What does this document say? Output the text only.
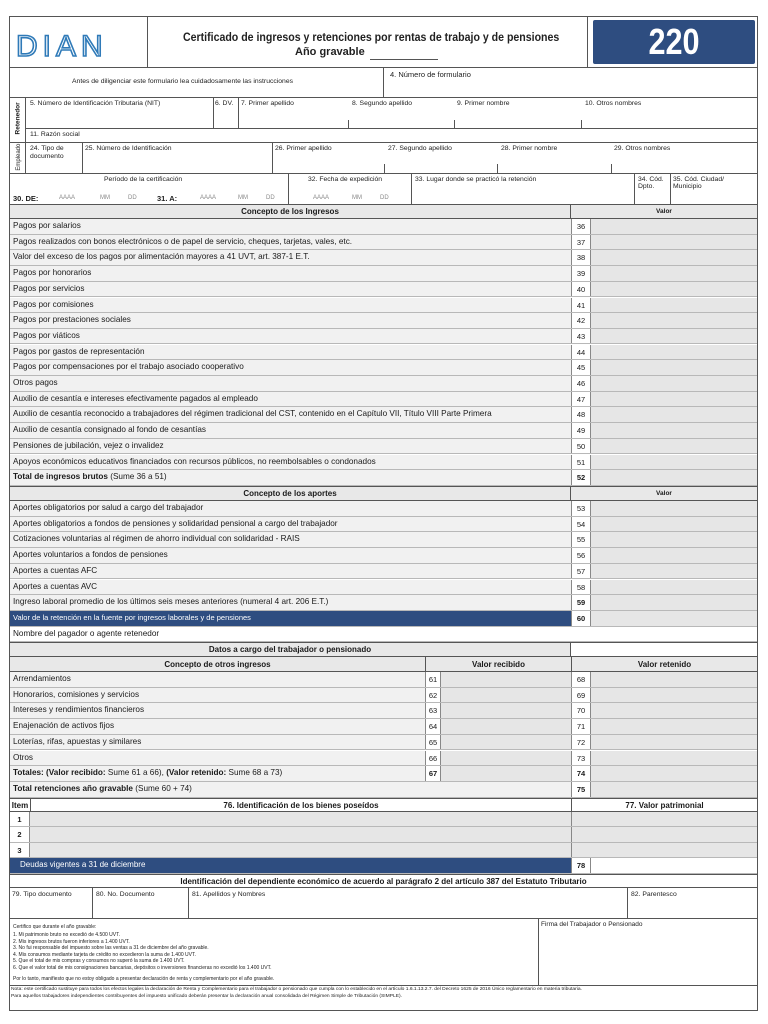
DIAN	Certificado de ingresos y retenciones por rentas de trabajo y de pensiones
Año gravable	220
Antes de diligenciar este formulario lea cuidadosamente las instrucciones
4. Número de formulario
Retenedor 5. Número de Identificación Tributaria (NIT)	6. DV. 7. Primer apellido	8. Segundo apellido	9. Primer nombre	10. Otros nombres
11. Razón social
Empleado 24. Tipo de
documento
25. Número de Identificación	26. Primer apellido	27. Segundo apellido	28. Primer nombre	29. Otros nombres
Período de la certificación
30. DE:	AAAA	MM	DD	31. A:	AAAA	MM	DD
32. Fecha de expedición
AAAA	MM	DD
33. Lugar donde se practicó la retención	34. Cód.
Dpto.
35. Cód. Ciudad/
Municipio
Concepto de los Ingresos	Valor
Pagos por salarios	36
Pagos realizados con bonos electrónicos o de papel de servicio, cheques, tarjetas, vales, etc.	37
Valor del exceso de los pagos por alimentación mayores a 41 UVT, art. 387-1 E.T.	38
Pagos por honorarios	39
Pagos por servicios	40
Pagos por comisiones	41
Pagos por prestaciones sociales	42
Pagos por viáticos	43
Pagos por gastos de representación	44
Pagos por compensaciones por el trabajo asociado cooperativo	45
Otros pagos	46
Auxilio de cesantía e intereses efectivamente pagados al empleado	47
Auxilio de cesantía reconocido a trabajadores del régimen tradicional del CST, contenido en el Capítulo VII, Título VIII Parte Primera	48
Auxilio de cesantía consignado al fondo de cesantías	49
Pensiones de jubilación, vejez o invalidez	50
Apoyos económicos educativos financiados con recursos públicos, no reembolsables o condonados	51
Total de ingresos brutos (Sume 36 a 51)	52
Concepto de los aportes	Valor
Aportes obligatorios por salud a cargo del trabajador	53
Aportes obligatorios a fondos de pensiones y solidaridad pensional a cargo del trabajador	54
Cotizaciones voluntarias al régimen de ahorro individual con solidaridad - RAIS	55
Aportes voluntarios a fondos de pensiones	56
Aportes a cuentas AFC	57
Aportes a cuentas AVC	58
Ingreso laboral promedio de los últimos seis meses anteriores (numeral 4 art. 206 E.T.)	59
Valor de la retención en la fuente por ingresos laborales y de pensiones	60
Nombre del pagador o agente retenedor
Datos a cargo del trabajador o pensionado
Concepto de otros ingresos	Valor recibido	Valor retenido
Arrendamientos	61	68
Honorarios, comisiones y servicios	62	69
Intereses y rendimientos financieros	63	70
Enajenación de activos fijos	64	71
Loterías, rifas, apuestas y similares	65	72
Otros	66	73
Totales: (Valor recibido: Sume 61 a 66), (Valor retenido: Sume 68 a 73)	67	74
Total retenciones año gravable (Sume 60 + 74)	75
Item	76. Identificación de los bienes poseídos	77. Valor patrimonial
1
2
3
Deudas vigentes a 31 de diciembre	78
Identificación del dependiente económico de acuerdo al parágrafo 2 del artículo 387 del Estatuto Tributario
79. Tipo documento	80. No. Documento	81. Apellidos y Nombres	82. Parentesco
Certifico que durante el año gravable:
1. Mi patrimonio bruto no excedió de 4.500 UVT.
2. Mis ingresos brutos fueron inferiores a 1.400 UVT.
3. No fui responsable del impuesto sobre las ventas a 31 de diciembre del año gravable.
4. Mis consumos mediante tarjeta de crédito no excedieron la suma de 1.400 UVT.
5. Que el total de mis compras y consumos no superó la suma de 1.400 UVT.
6. Que el valor total de mis consignaciones bancarias, depósitos o inversiones financieras no excedió los 1.400 UVT.
Por lo tanto, manifiesto que no estoy obligado a presentar declaración de renta y complementario por el año gravable.
Firma del Trabajador o Pensionado
Nota: este certificado sustituye para todos los efectos legales la declaración de Renta y Complementario para el trabajador o pensionado que cumpla con lo establecido en el artículo 1.6.1.13.2.7. del Decreto 1625 de 2016 Único reglamentario en materia tributaria.
Para aquellos trabajadores independientes contribuyentes del impuesto unificado deberán presentar la declaración anual consolidada del Régimen Simple de Tributación (SIMPLE).
